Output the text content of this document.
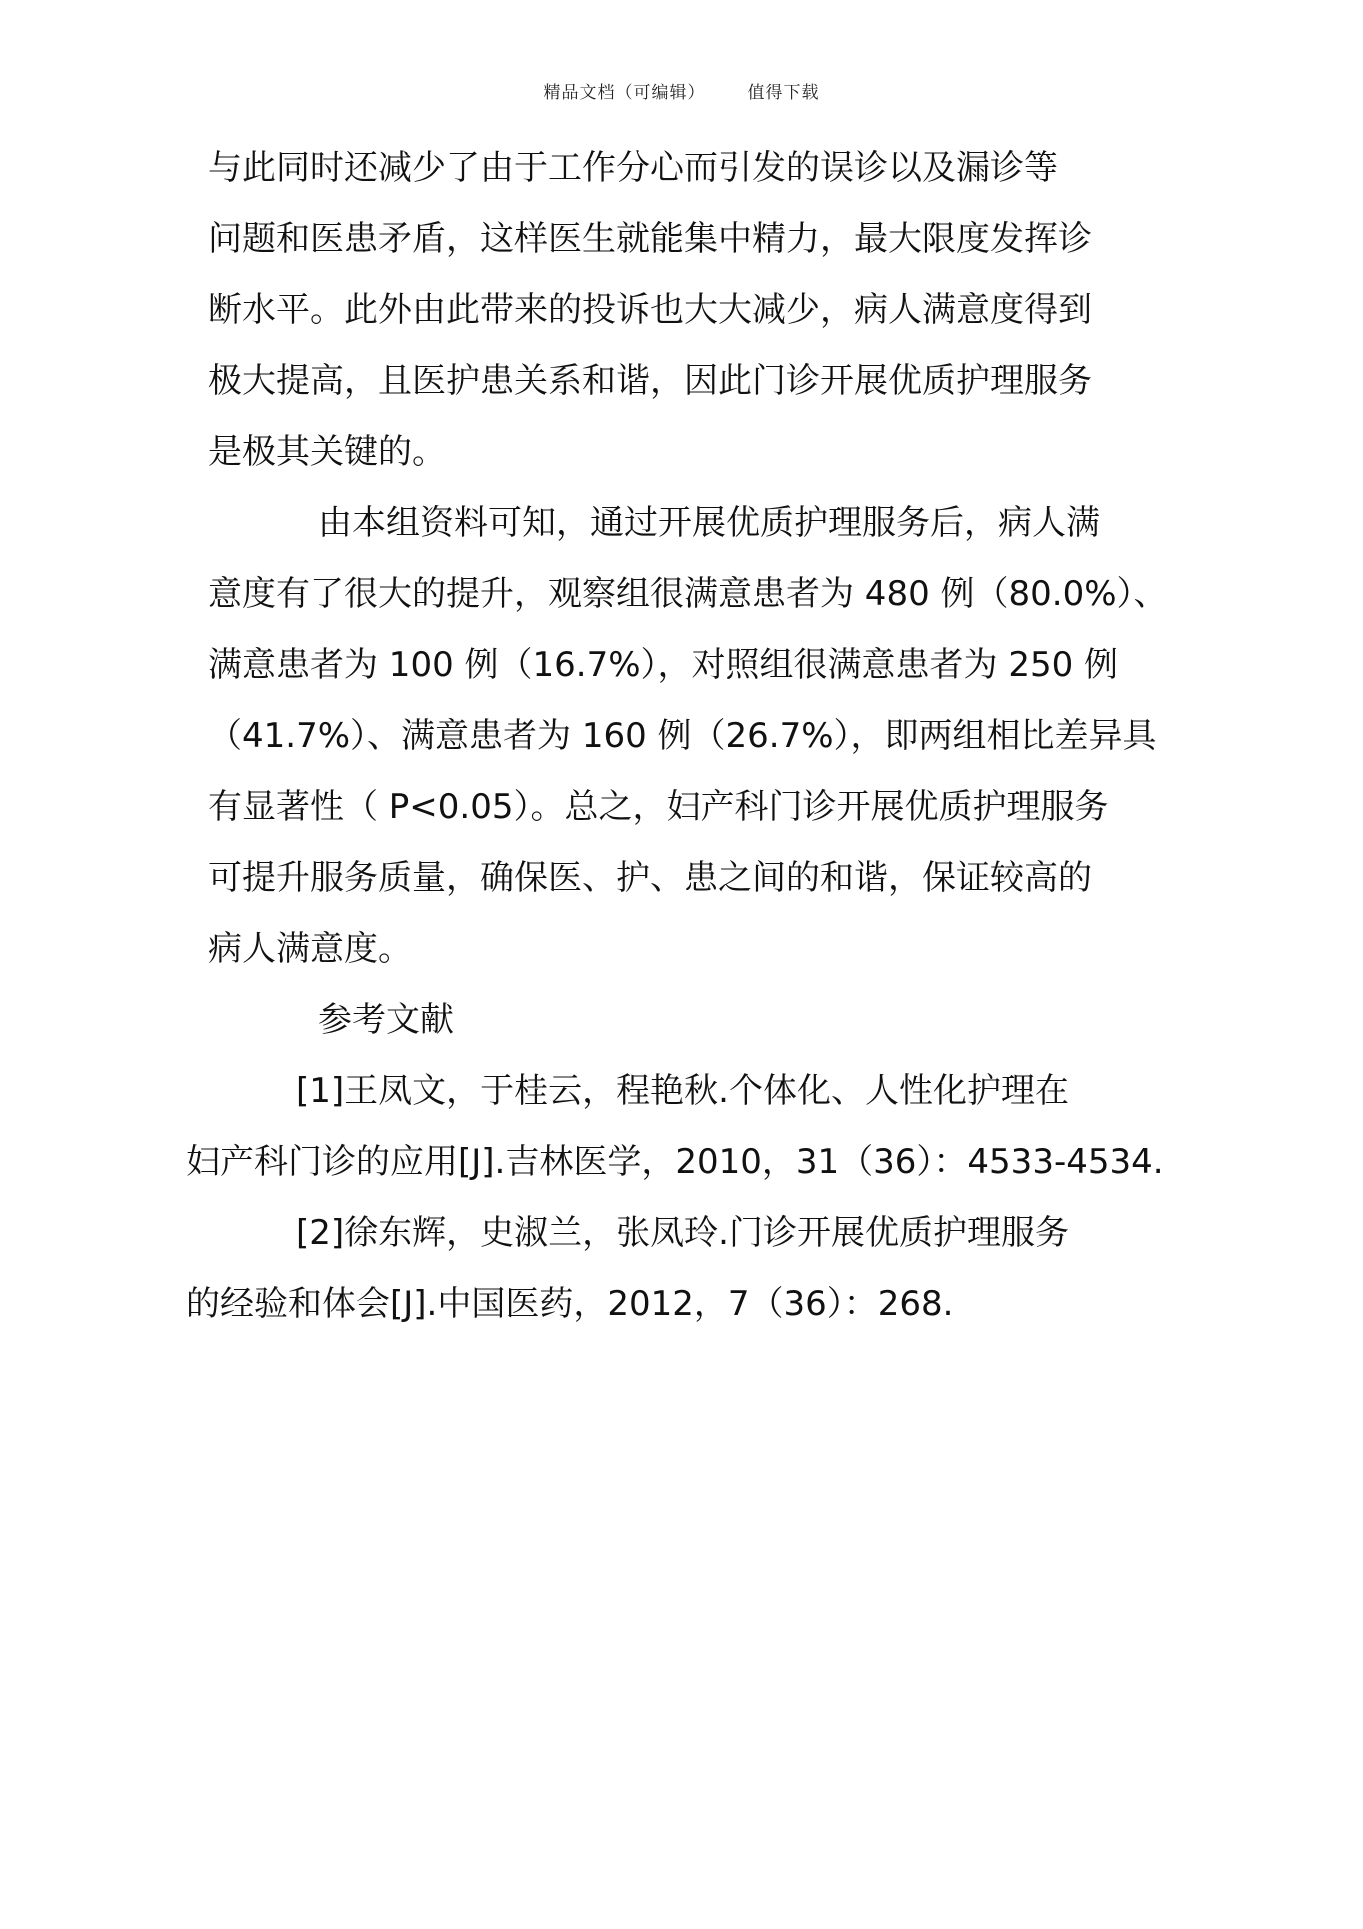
精品文档（可编辑） 值得下载
与此同时还减少了由于工作分心而引发的误诊以及漏诊等
问题和医患矛盾，这样医生就能集中精力，最大限度发挥诊
断水平。此外由此带来的投诉也大大减少，病人满意度得到
极大提高，且医护患关系和谐，因此门诊开展优质护理服务
是极其关键的。
由本组资料可知，通过开展优质护理服务后，病人满
意度有了很大的提升，观察组很满意患者为 480 例（80.0%）、
满意患者为 100 例（16.7%），对照组很满意患者为 250 例
（41.7%）、满意患者为 160 例（26.7%），即两组相比差异具
有显著性（ P<0.05）。总之，妇产科门诊开展优质护理服务
可提升服务质量，确保医、护、患之间的和谐，保证较高的
病人满意度。
参考文献
[1]王凤文，于桂云，程艳秋.个体化、人性化护理在
妇产科门诊的应用[J].吉林医学，2010，31（36）：4533-4534.
[2]徐东辉，史淑兰，张凤玲.门诊开展优质护理服务
的经验和体会[J].中国医药，2012，7（36）：268.
